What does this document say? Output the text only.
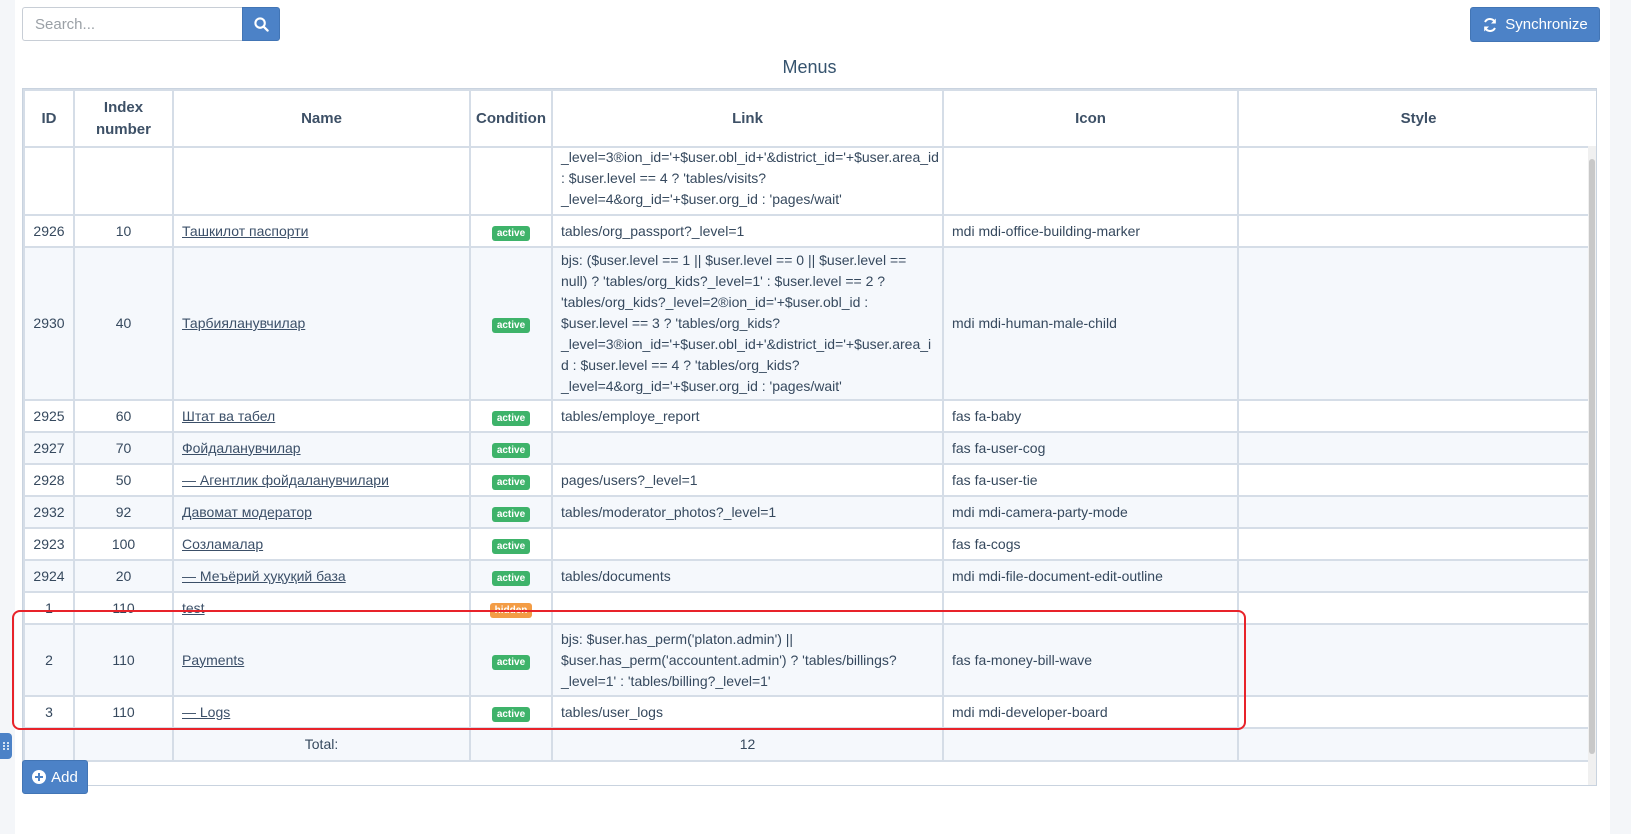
Search...
Synchronize
Menus
ID	Index number	Name	Condition	Link	Icon	Style
				_level=3®ion_id='+$user.obl_id+'&district_id='+$user.area_id : $user.level == 4 ? 'tables/visits?_level=4&org_id='+$user.org_id : 'pages/wait'		
2926	10	Ташкилот паспорти	active	tables/org_passport?_level=1	mdi mdi-office-building-marker	
2930	40	Тарбияланувчилар	active	bjs: ($user.level == 1 || $user.level == 0 || $user.level == null) ? 'tables/org_kids?_level=1' : $user.level == 2 ? 'tables/org_kids?_level=2®ion_id='+$user.obl_id : $user.level == 3 ? 'tables/org_kids?_level=3®ion_id='+$user.obl_id+'&district_id='+$user.area_id : $user.level == 4 ? 'tables/org_kids?_level=4&org_id='+$user.org_id : 'pages/wait'	mdi mdi-human-male-child	
2925	60	Штат ва табел	active	tables/employe_report	fas fa-baby	
2927	70	Фойдаланувчилар	active		fas fa-user-cog	
2928	50	— Агентлик фойдаланувчилари	active	pages/users?_level=1	fas fa-user-tie	
2932	92	Давомат модератор	active	tables/moderator_photos?_level=1	mdi mdi-camera-party-mode	
2923	100	Созламалар	active		fas fa-cogs	
2924	20	— Меъёрий ҳуқуқий база	active	tables/documents	mdi mdi-file-document-edit-outline	
1	110	test	hidden			
2	110	Payments	active	bjs: $user.has_perm('platon.admin') || $user.has_perm('accountent.admin') ? 'tables/billings?_level=1' : 'tables/billing?_level=1'	fas fa-money-bill-wave	
3	110	— Logs	active	tables/user_logs	mdi mdi-developer-board	
		Total:		12		
Add
